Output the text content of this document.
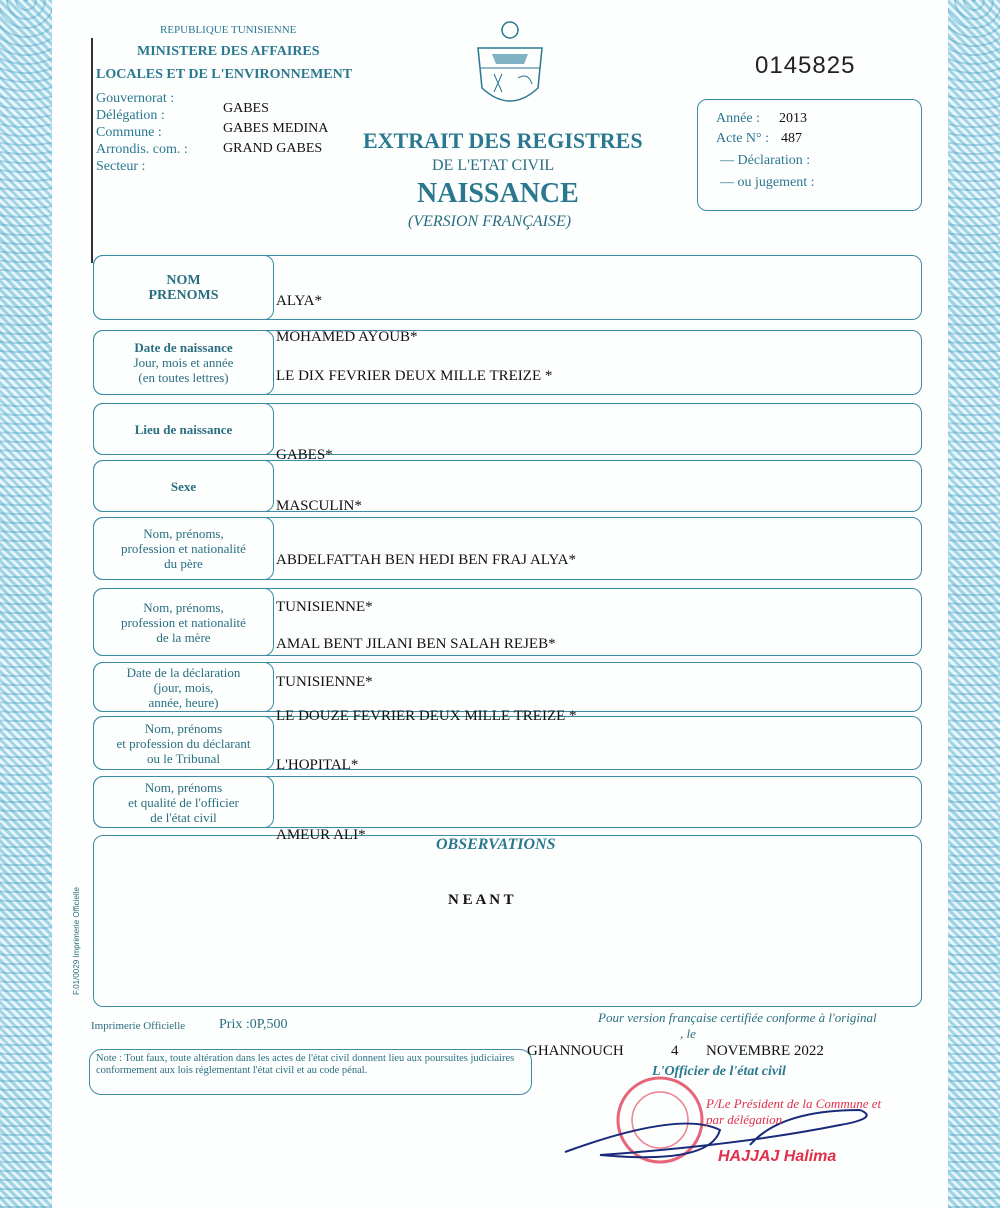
REPUBLIQUE TUNISIENNE
MINISTERE DES AFFAIRES
LOCALES ET DE L'ENVIRONNEMENT
Gouvernorat :
Délégation :
Commune :
Arrondis. com. :
Secteur :
GABES
GABES MEDINA
GRAND GABES
0145825
EXTRAIT DES REGISTRES
DE L'ETAT CIVIL
NAISSANCE
(VERSION FRANÇAISE)
Année : 2013
Acte N° : 487
— Déclaration :
— ou jugement :
NOM
PRENOMS
Date de naissance
Jour, mois et année
(en toutes lettres)
Lieu de naissance
Sexe
Nom, prénoms,
profession et nationalité
du père
Nom, prénoms,
profession et nationalité
de la mère
Date de la déclaration
(jour, mois,
année, heure)
Nom, prénoms
et profession du déclarant
ou le Tribunal
Nom, prénoms
et qualité de l'officier
de l'état civil
OBSERVATIONS
N E A N T
ALYA*
MOHAMED AYOUB*
LE DIX FEVRIER DEUX MILLE TREIZE *
GABES*
MASCULIN*
ABDELFATTAH BEN HEDI BEN FRAJ ALYA*
TUNISIENNE*
AMAL BENT JILANI BEN SALAH REJEB*
TUNISIENNE*
LE DOUZE FEVRIER DEUX MILLE TREIZE *
L'HOPITAL*
AMEUR ALI*
F.01/0029 Imprimerie Officielle
Imprimerie Officielle Prix :0P,500
Note : Tout faux, toute altération dans les actes de l'état civil donnent lieu aux poursuites judiciaires conformement aux lois réglementant l'état civil et au code pénal.
Pour version française certifiée conforme à l'original
, le
GHANNOUCH	4 NOVEMBRE 2022
L'Officier de l'état civil
P/Le Président de la Commune et par délégation
HAJJAJ Halima
